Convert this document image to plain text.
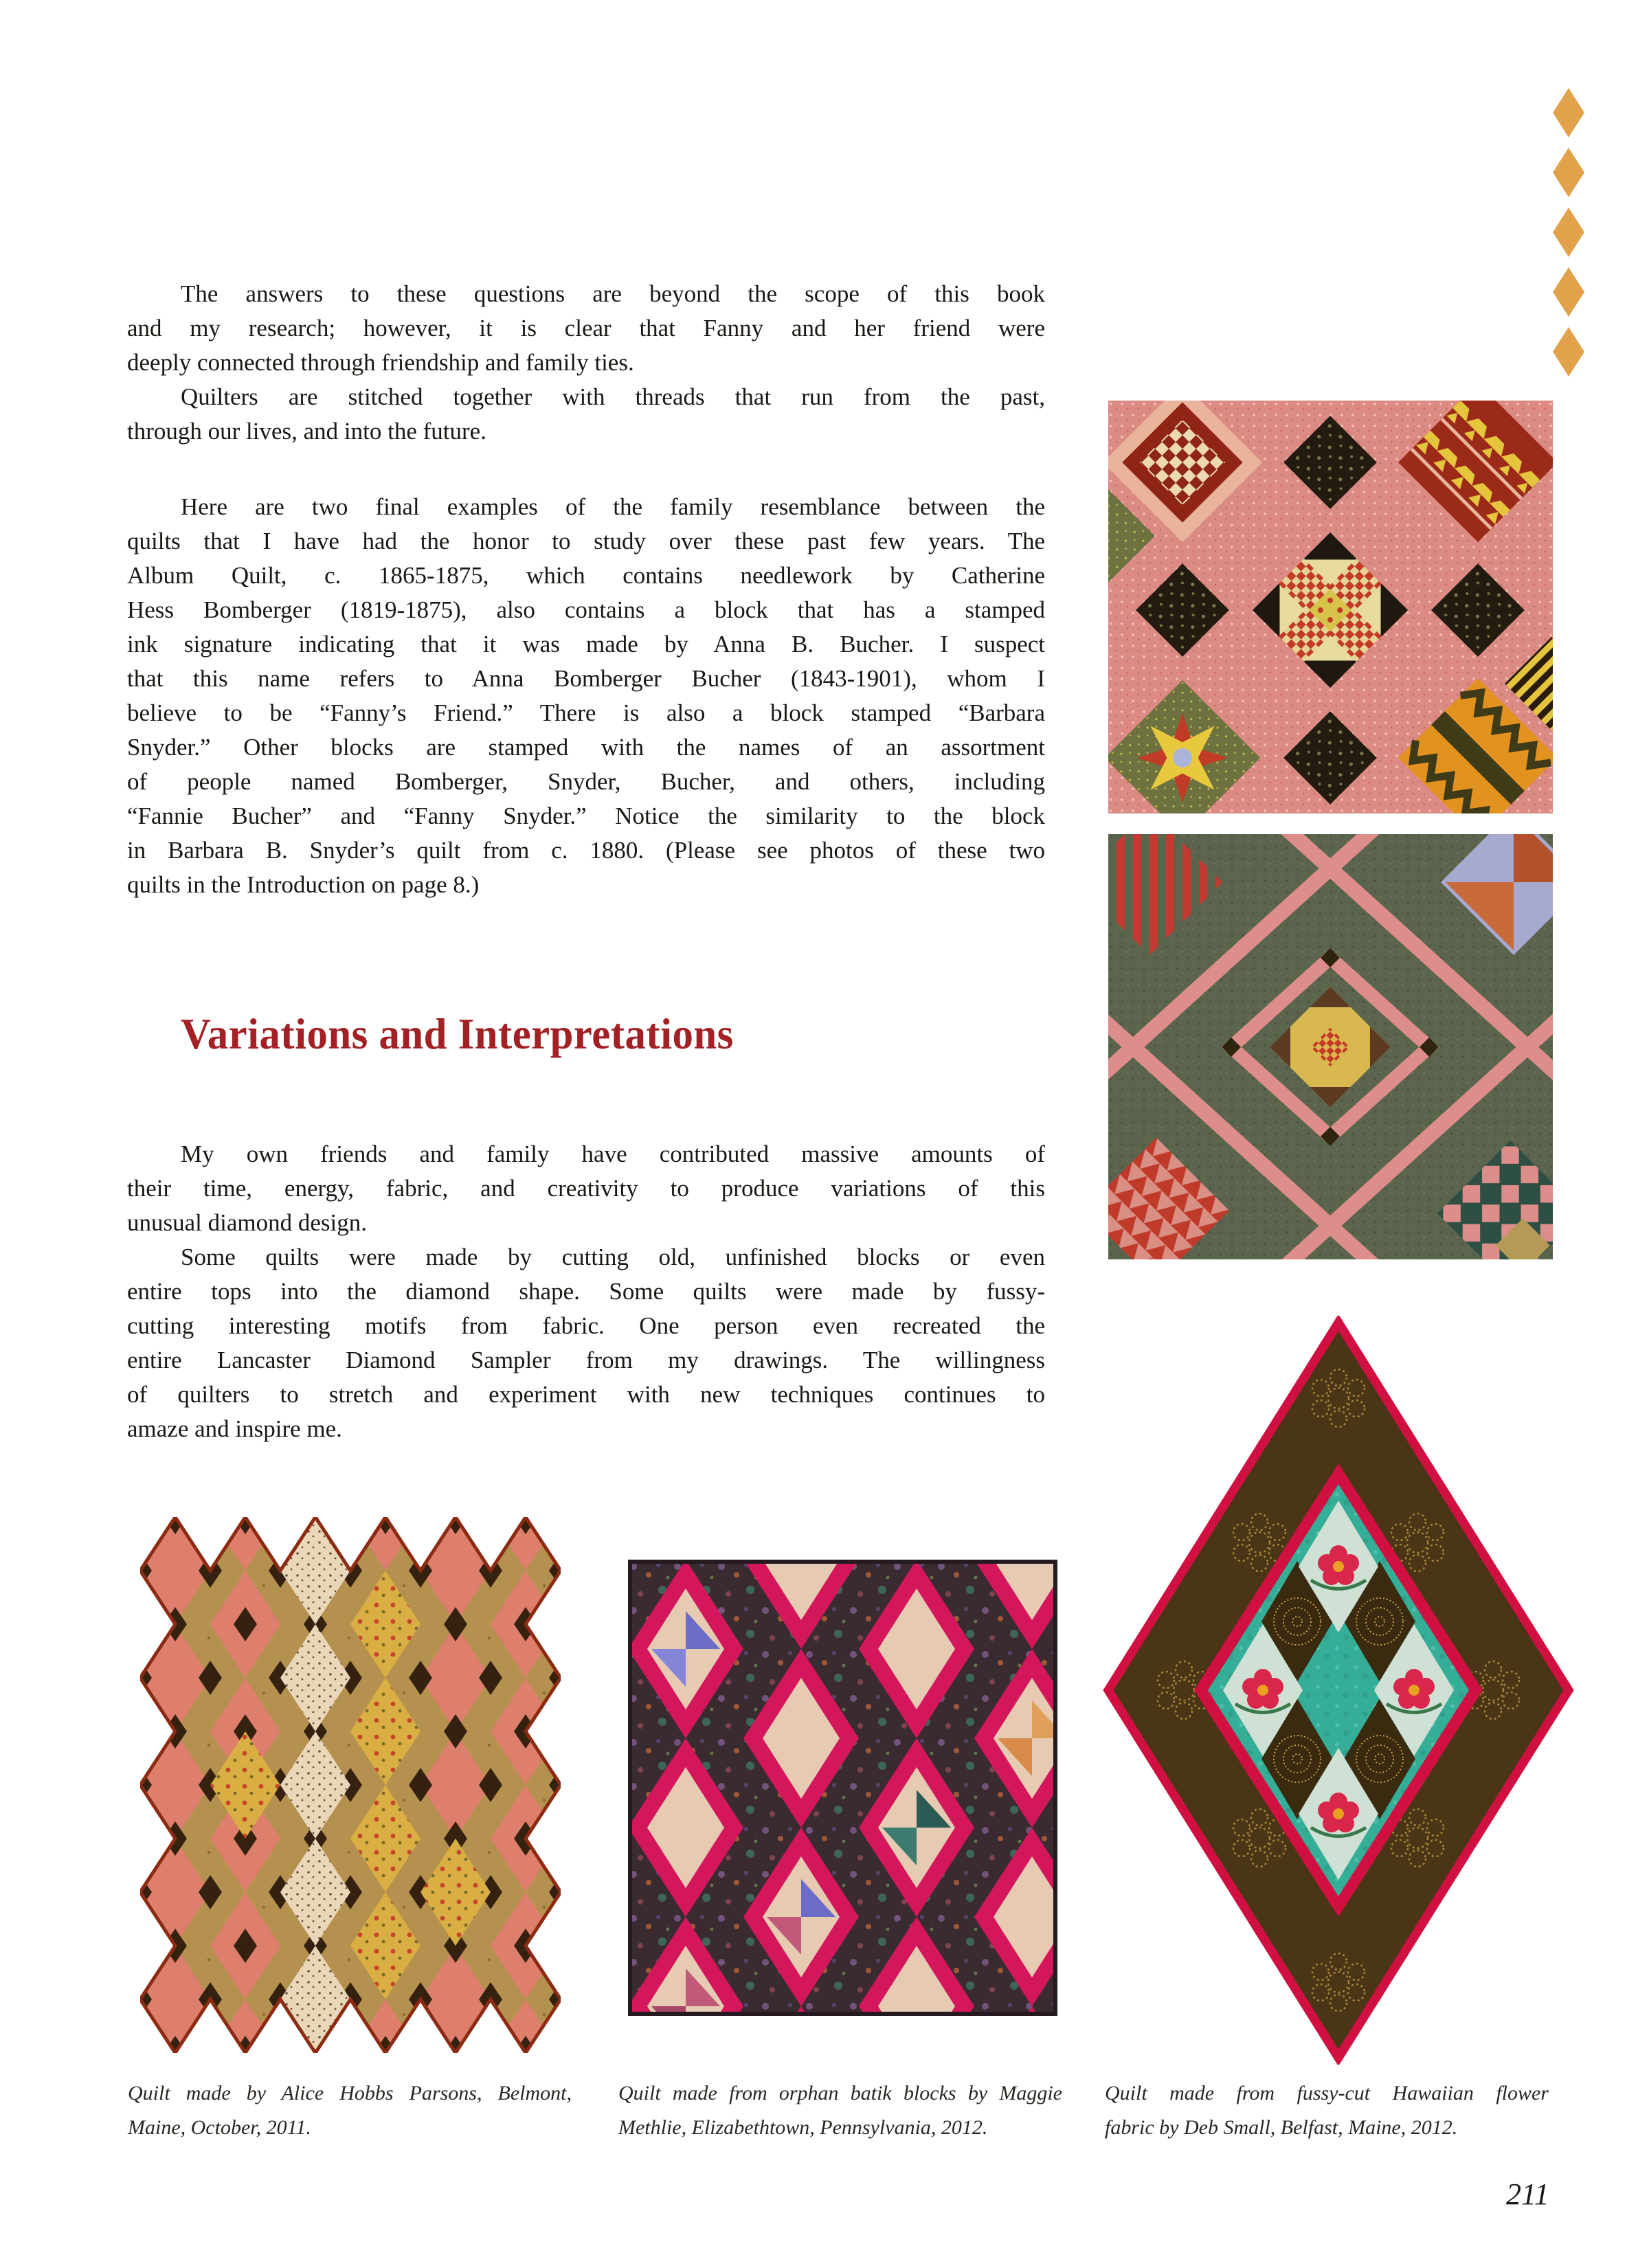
The answers to these questions are beyond the scope of this book
and my research; however, it is clear that Fanny and her friend were
deeply connected through friendship and family ties.
Quilters are stitched together with threads that run from the past,
through our lives, and into the future.
Here are two final examples of the family resemblance between the
quilts that I have had the honor to study over these past few years. The
Album Quilt, c. 1865-1875, which contains needlework by Catherine
Hess Bomberger (1819-1875), also contains a block that has a stamped
ink signature indicating that it was made by Anna B. Bucher. I suspect
that this name refers to Anna Bomberger Bucher (1843-1901), whom I
believe to be “Fanny’s Friend.” There is also a block stamped “Barbara
Snyder.” Other blocks are stamped with the names of an assortment
of people named Bomberger, Snyder, Bucher, and others, including
“Fannie Bucher” and “Fanny Snyder.” Notice the similarity to the block
in Barbara B. Snyder’s quilt from c. 1880. (Please see photos of these two
quilts in the Introduction on page 8.)
Variations and Interpretations
My own friends and family have contributed massive amounts of
their time, energy, fabric, and creativity to produce variations of this
unusual diamond design.
Some quilts were made by cutting old, unfinished blocks or even
entire tops into the diamond shape. Some quilts were made by fussy-
cutting interesting motifs from fabric. One person even recreated the
entire Lancaster Diamond Sampler from my drawings. The willingness
of quilters to stretch and experiment with new techniques continues to
amaze and inspire me.
Quilt made by Alice Hobbs Parsons, Belmont,
Maine, October, 2011.
Quilt made from orphan batik blocks by Maggie
Methlie, Elizabethtown, Pennsylvania, 2012.
Quilt made from fussy-cut Hawaiian flower
fabric by Deb Small, Belfast, Maine, 2012.
211
